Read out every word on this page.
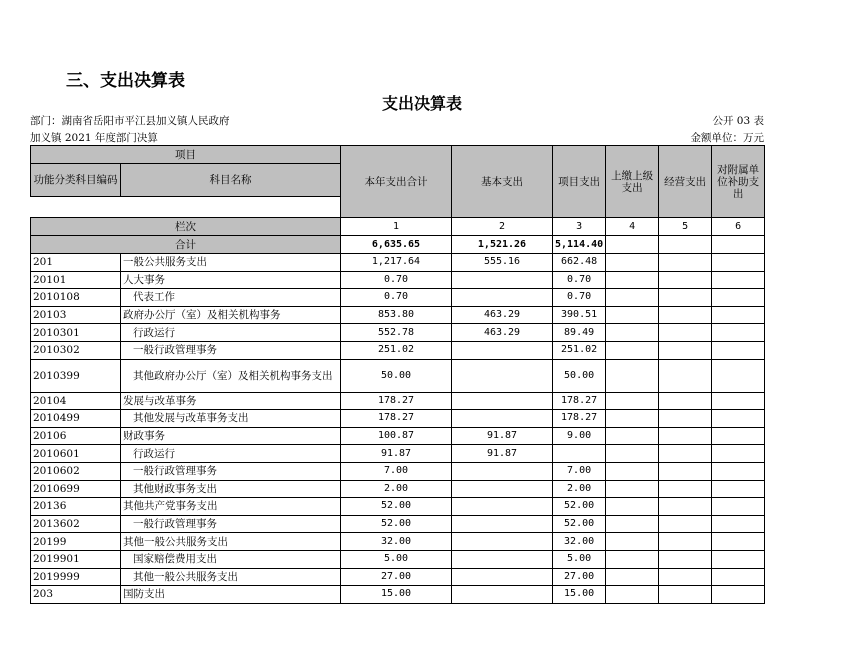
三、支出决算表
支出决算表
部门：湖南省岳阳市平江县加义镇人民政府	公开 03 表
加义镇 2021 年度部门决算	金额单位：万元
项目		本年支出合计	基本支出	项目支出	上缴上级支出	经营支出	对附属单位补助支出
功能分类科目编码	科目名称						

栏次		1	2	3	4	5	6
合计		6,635.65	1,521.26	5,114.40			
201	一般公共服务支出	1,217.64	555.16	662.48			
20101	人大事务	0.70		0.70			
2010108	代表工作	0.70		0.70			
20103	政府办公厅（室）及相关机构事务	853.80	463.29	390.51			
2010301	行政运行	552.78	463.29	89.49			
2010302	一般行政管理事务	251.02		251.02			
2010399	其他政府办公厅（室）及相关机构事务支出	50.00		50.00			
20104	发展与改革事务	178.27		178.27			
2010499	其他发展与改革事务支出	178.27		178.27			
20106	财政事务	100.87	91.87	9.00			
2010601	行政运行	91.87	91.87				
2010602	一般行政管理事务	7.00		7.00			
2010699	其他财政事务支出	2.00		2.00			
20136	其他共产党事务支出	52.00		52.00			
2013602	一般行政管理事务	52.00		52.00			
20199	其他一般公共服务支出	32.00		32.00			
2019901	国家赔偿费用支出	5.00		5.00			
2019999	其他一般公共服务支出	27.00		27.00			
203	国防支出	15.00		15.00			
